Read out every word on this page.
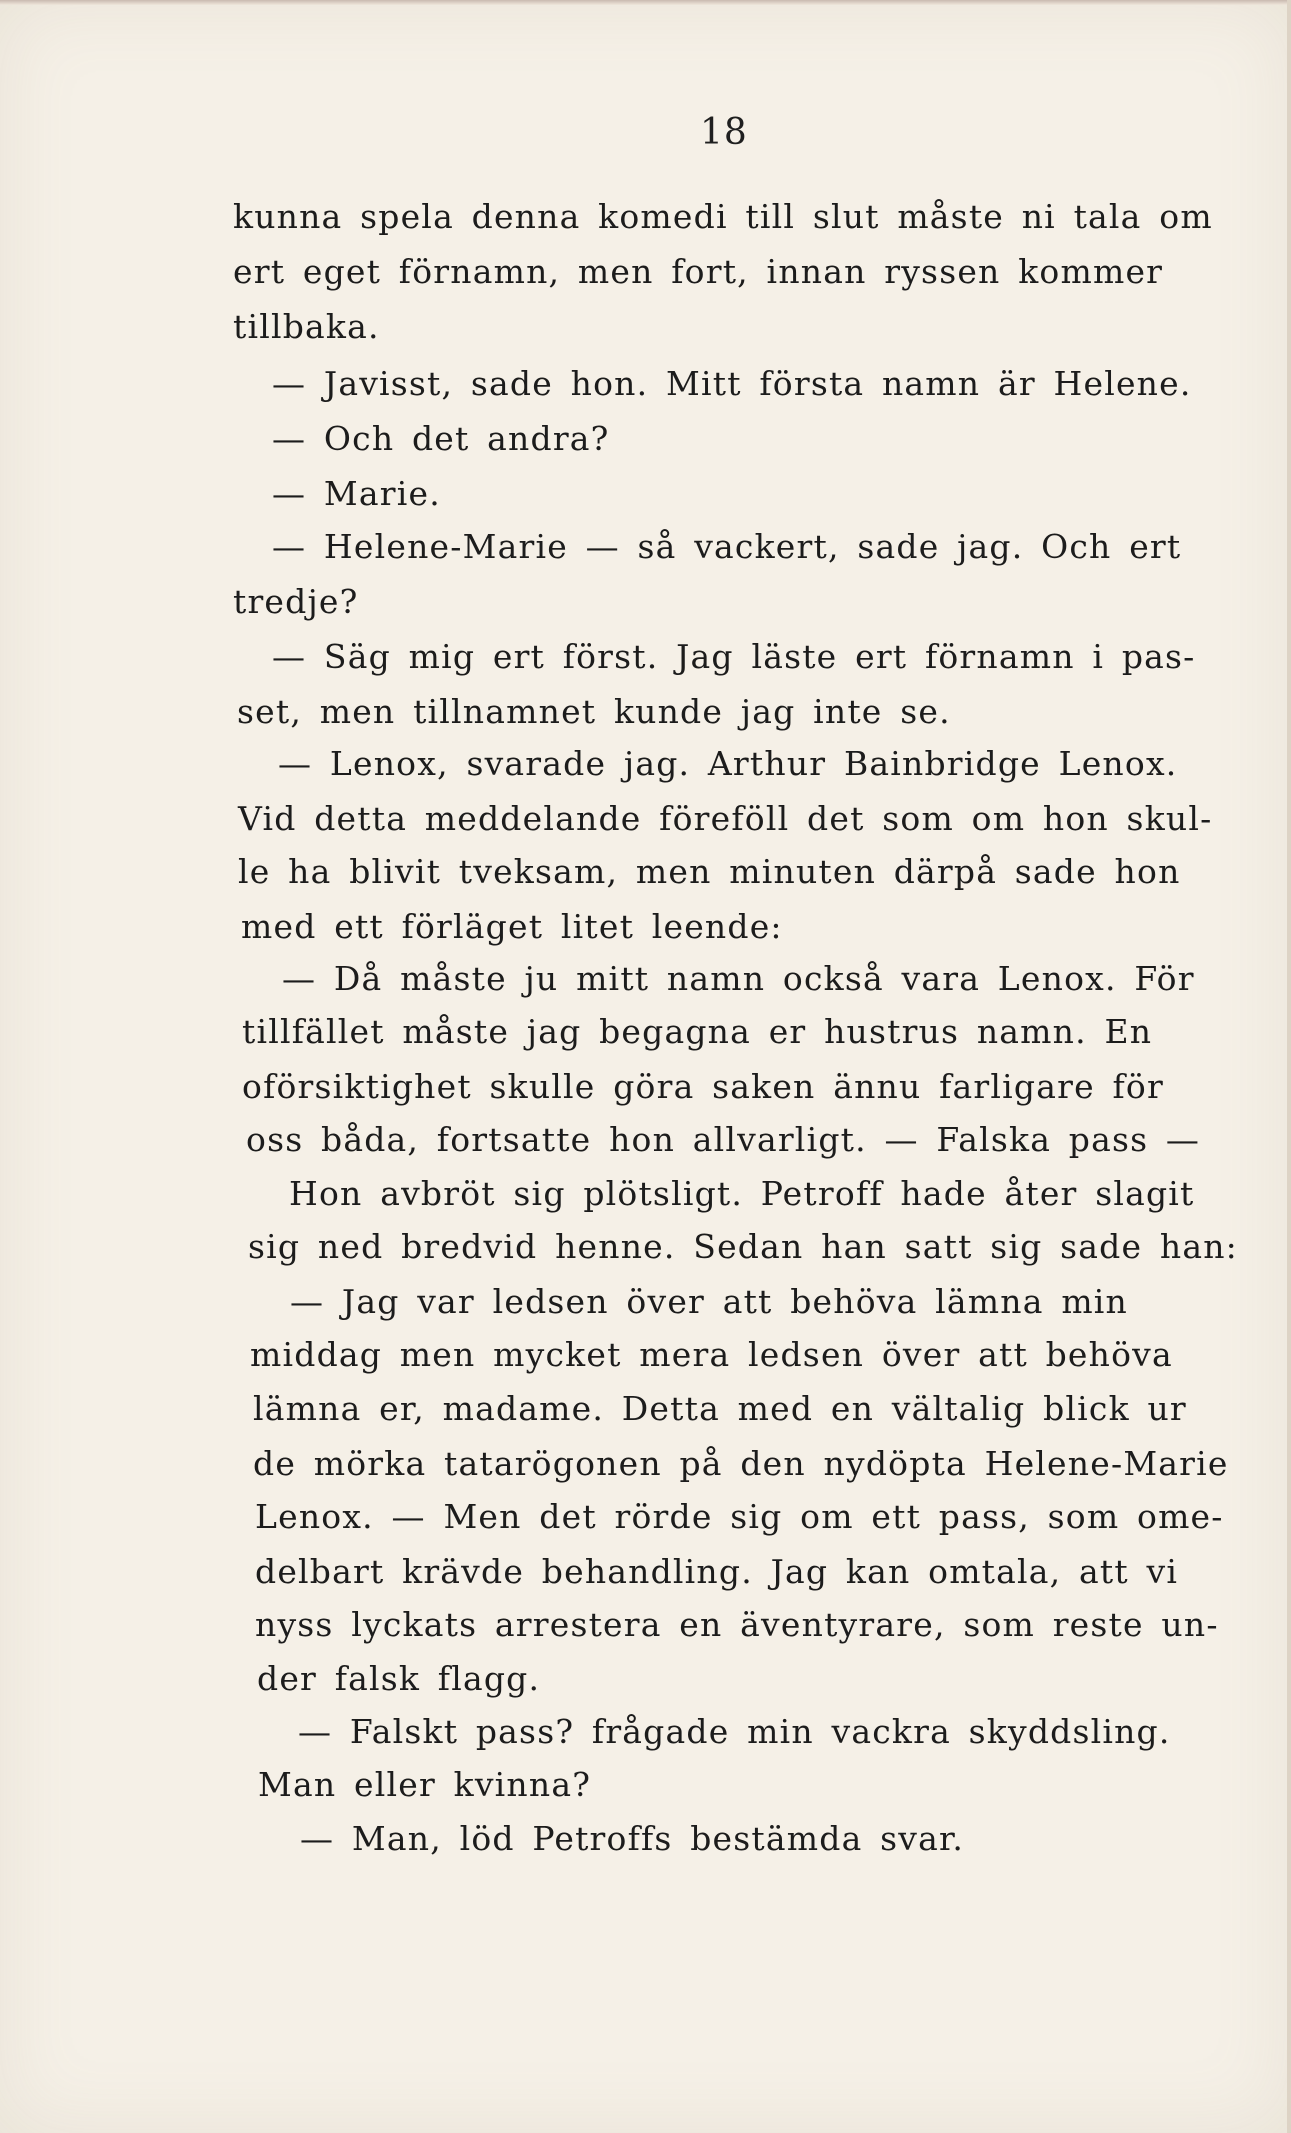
18
kunna spela denna komedi till slut måste ni tala om
ert eget förnamn, men fort, innan ryssen kommer
tillbaka.
— Javisst, sade hon. Mitt första namn är Helene.
— Och det andra?
— Marie.
— Helene-Marie — så vackert, sade jag. Och ert
tredje?
— Säg mig ert först. Jag läste ert förnamn i pas-
set, men tillnamnet kunde jag inte se.
— Lenox, svarade jag. Arthur Bainbridge Lenox.
Vid detta meddelande föreföll det som om hon skul-
le ha blivit tveksam, men minuten därpå sade hon
med ett förläget litet leende:
— Då måste ju mitt namn också vara Lenox. För
tillfället måste jag begagna er hustrus namn. En
oförsiktighet skulle göra saken ännu farligare för
oss båda, fortsatte hon allvarligt. — Falska pass —
Hon avbröt sig plötsligt. Petroff hade åter slagit
sig ned bredvid henne. Sedan han satt sig sade han:
— Jag var ledsen över att behöva lämna min
middag men mycket mera ledsen över att behöva
lämna er, madame. Detta med en vältalig blick ur
de mörka tatarögonen på den nydöpta Helene-Marie
Lenox. — Men det rörde sig om ett pass, som ome-
delbart krävde behandling. Jag kan omtala, att vi
nyss lyckats arrestera en äventyrare, som reste un-
der falsk flagg.
— Falskt pass? frågade min vackra skyddsling.
Man eller kvinna?
— Man, löd Petroffs bestämda svar.
